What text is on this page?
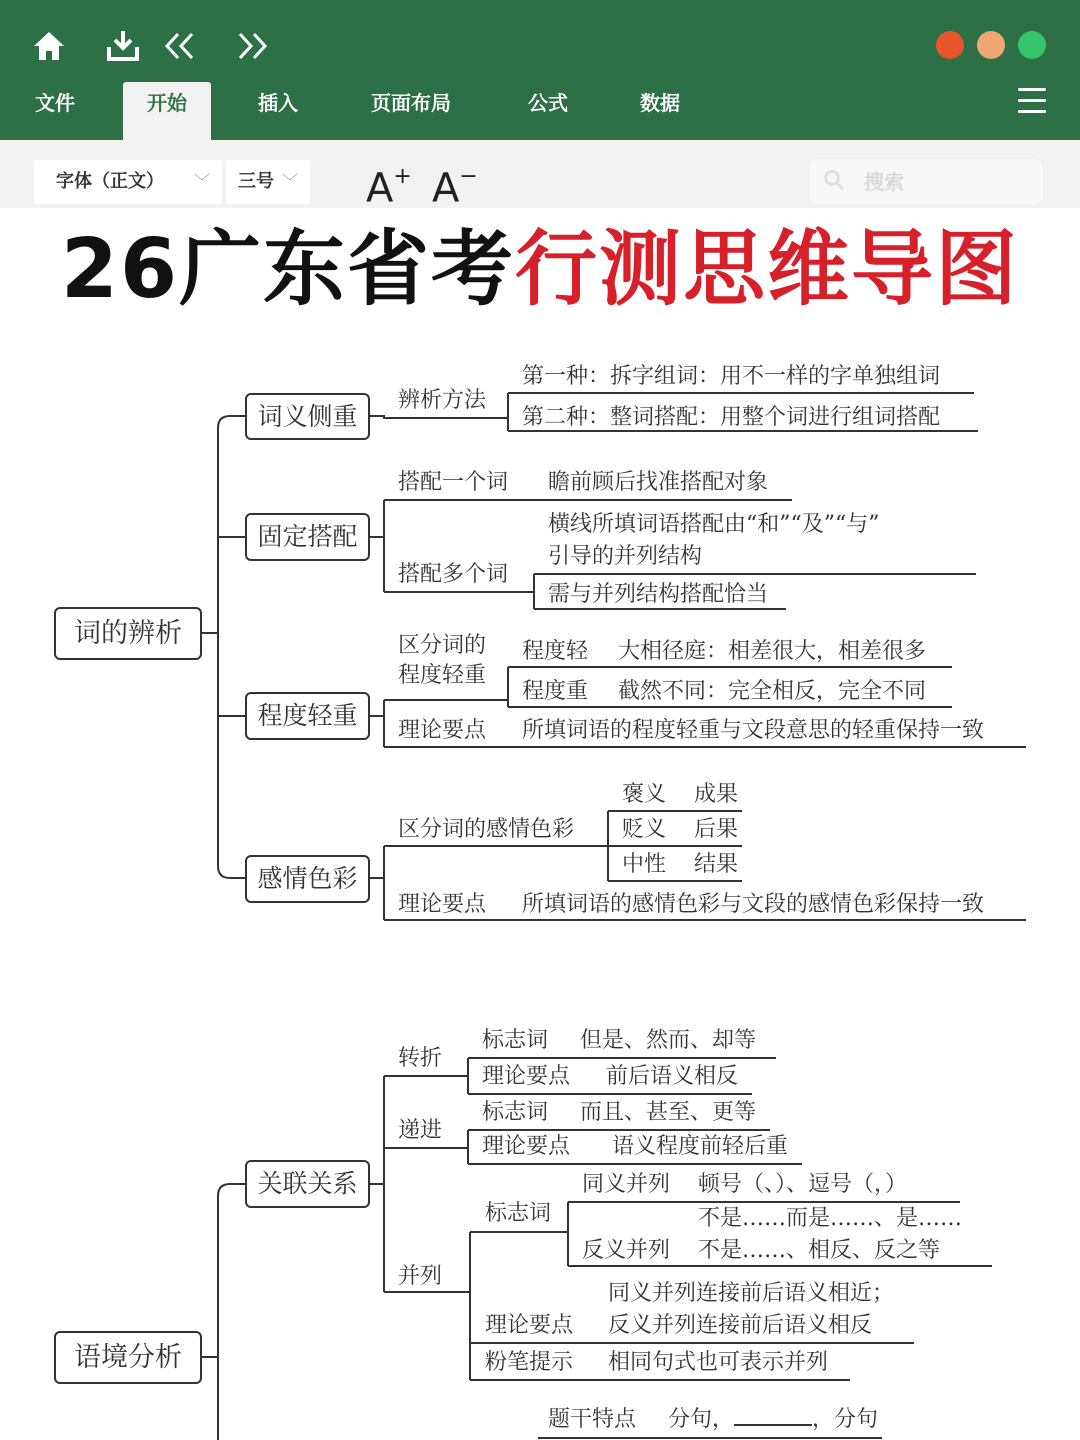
文件	开始	插入	页面布局	公式	数据
字体（正文） ﹀	三号 ﹀ A+ A−	搜索
26广东省考行测思维导图
词的辨析
词义侧重
辨析方法
第一种：拆字组词：用不一样的字单独组词
第二种：整词搭配：用整个词进行组词搭配
固定搭配
搭配一个词 瞻前顾后找准搭配对象
搭配多个词
横线所填词语搭配由“和”“及”“与”
引导的并列结构
需与并列结构搭配恰当
程度轻重
区分词的
程度轻重
程度轻 大相径庭：相差很大，相差很多
程度重 截然不同：完全相反，完全不同
理论要点 所填词语的程度轻重与文段意思的轻重保持一致
感情色彩
区分词的感情色彩
褒义 成果
贬义 后果
中性 结果
理论要点 所填词语的感情色彩与文段的感情色彩保持一致
语境分析
关联关系
转折
标志词 但是、然而、却等
理论要点 前后语义相反
递进
标志词 而且、甚至、更等
理论要点 语义程度前轻后重
并列
标志词
同义并列 顿号（、）、逗号（，）
不是……而是……、是……
反义并列 不是……、相反、反之等
同义并列连接前后语义相近；
理论要点 反义并列连接前后语义相反
粉笔提示 相同句式也可表示并列
题干特点 分句，	，分句
